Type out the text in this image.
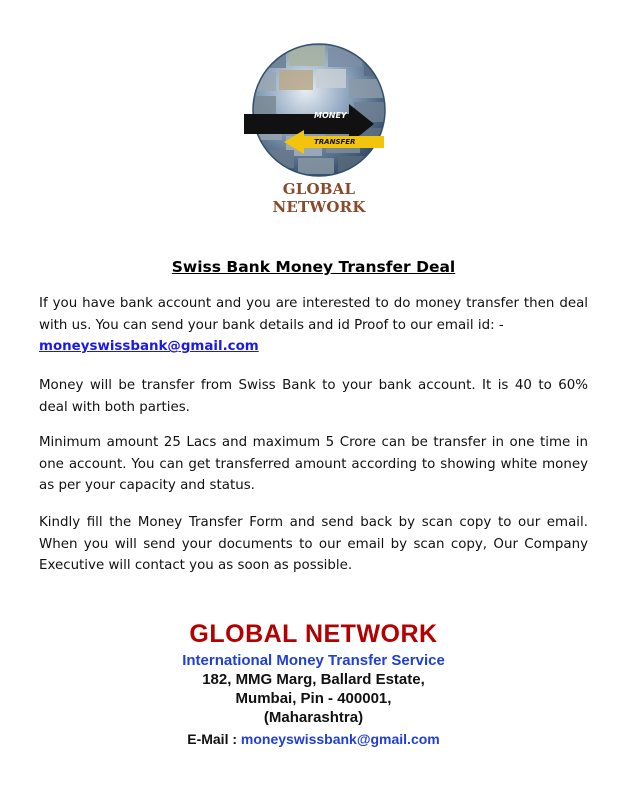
MONEY
TRANSFER
GLOBAL NETWORK
Swiss Bank Money Transfer Deal
If you have bank account and you are interested to do money transfer then deal with us. You can send your bank details and id Proof to our email id: -
moneyswissbank@gmail.com
Money will be transfer from Swiss Bank to your bank account. It is 40 to 60% deal with both parties.
Minimum amount 25 Lacs and maximum 5 Crore can be transfer in one time in one account. You can get transferred amount according to showing white money as per your capacity and status.
Kindly fill the Money Transfer Form and send back by scan copy to our email. When you will send your documents to our email by scan copy, Our Company Executive will contact you as soon as possible.
GLOBAL NETWORK
International Money Transfer Service
182, MMG Marg, Ballard Estate,
Mumbai, Pin - 400001,
(Maharashtra)
E-Mail : moneyswissbank@gmail.com
